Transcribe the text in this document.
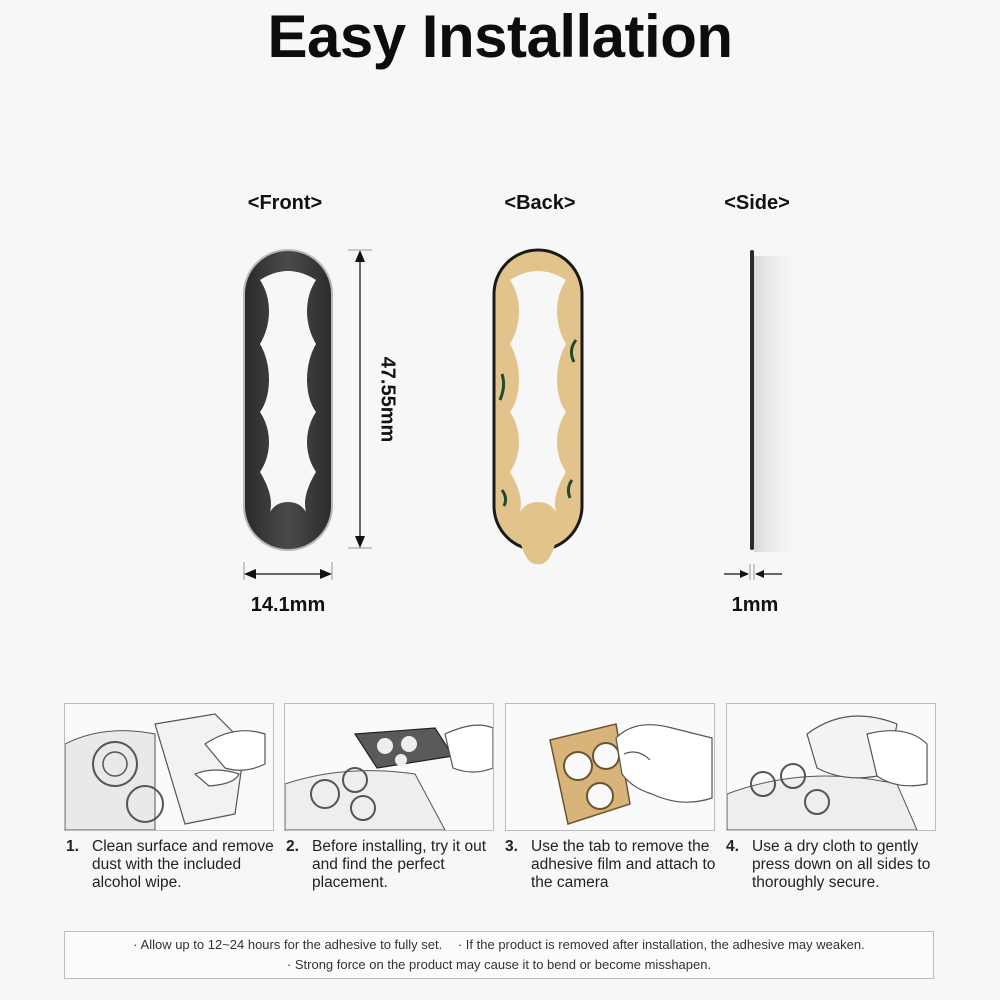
Easy Installation
<Front>	<Back>	<Side>
47.55mm
14.1mm	1mm
1. Clean surface and remove dust with the included alcohol wipe.
2. Before installing, try it out and find the perfect placement.
3. Use the tab to remove the adhesive film and attach to the camera
4. Use a dry cloth to gently press down on all sides to thoroughly secure.
· Allow up to 12~24 hours for the adhesive to fully set. · If the product is removed after installation, the adhesive may weaken.
· Strong force on the product may cause it to bend or become misshapen.
